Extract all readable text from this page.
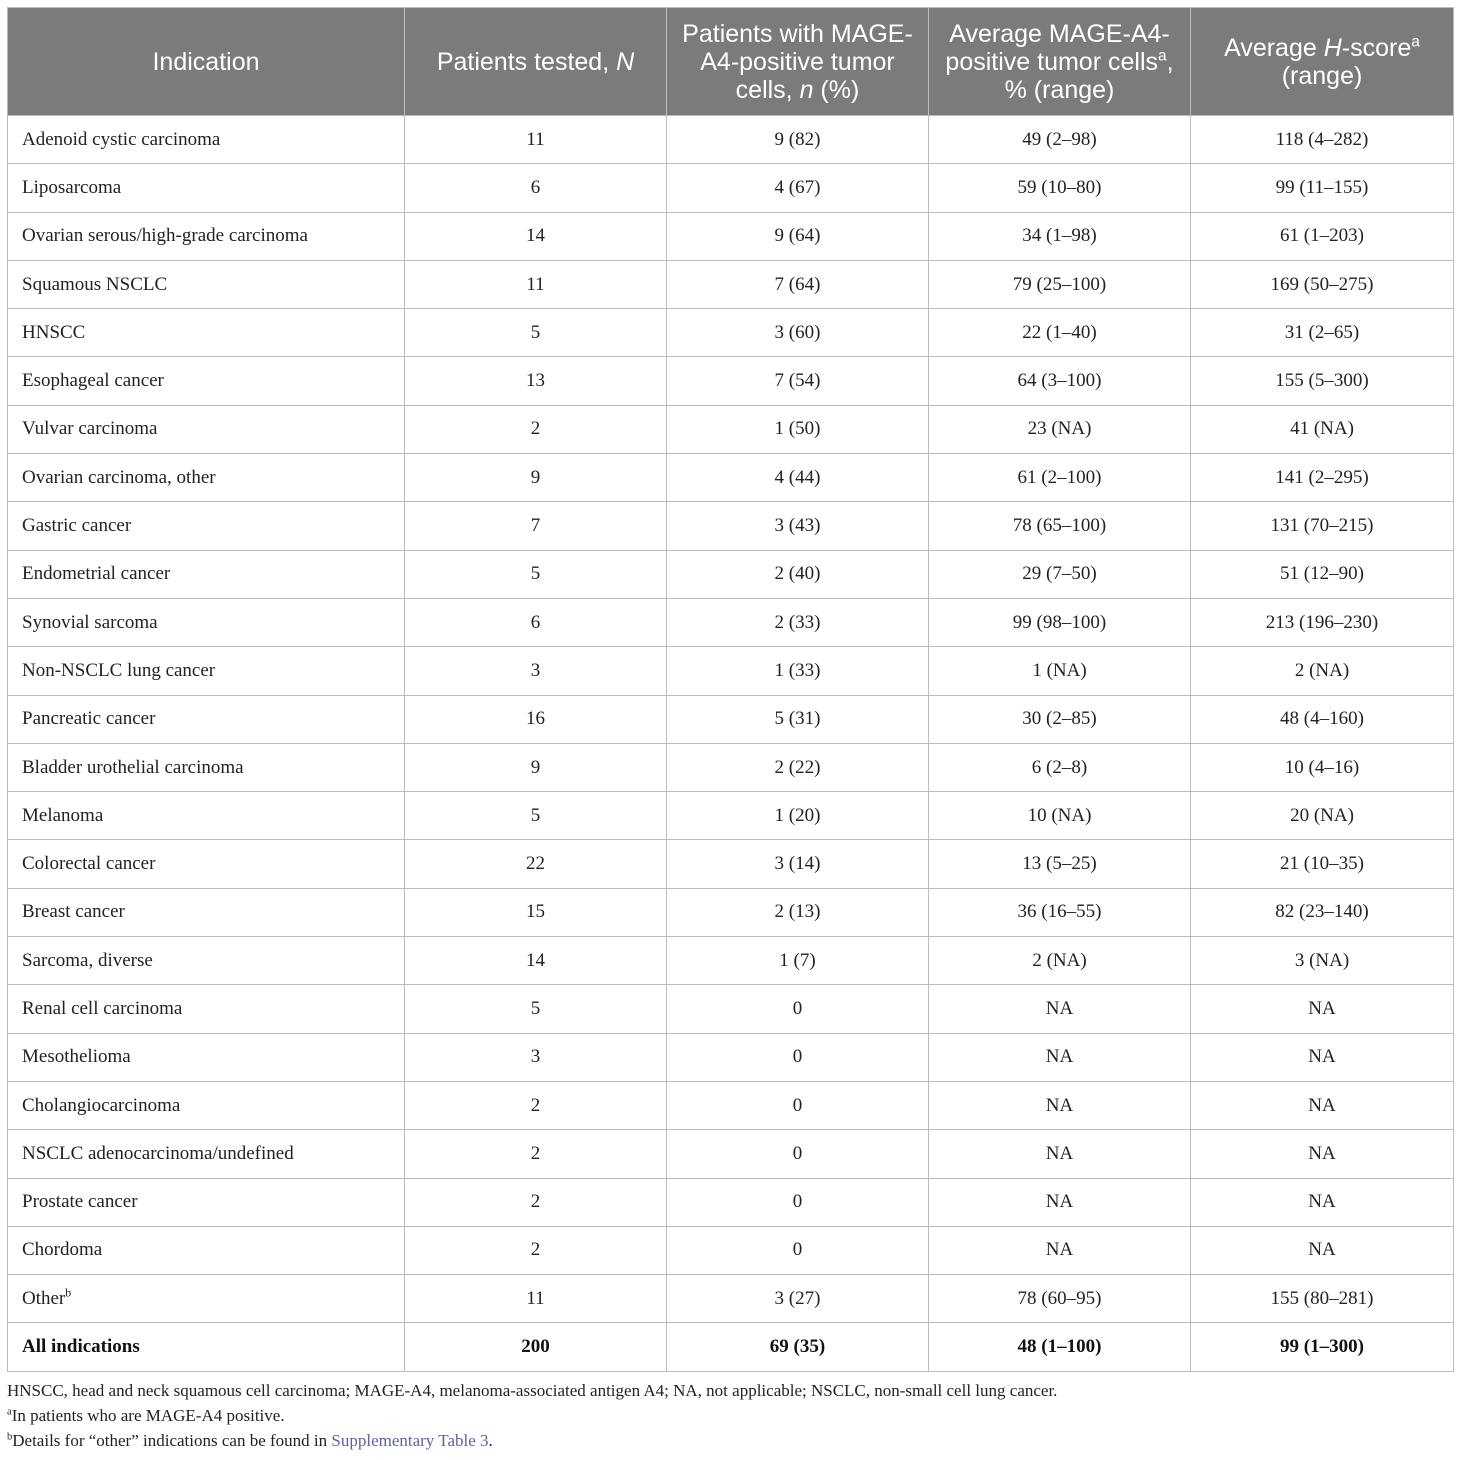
Indication	Patients tested, N	Patients with MAGE-A4-positive tumor cells, n (%)	Average MAGE-A4-positive tumor cells$^a$, % (range)	Average H-score$^a$ (range)
Adenoid cystic carcinoma	11	9 (82)	49 (2–98)	118 (4–282)
Liposarcoma	6	4 (67)	59 (10–80)	99 (11–155)
Ovarian serous/high-grade carcinoma	14	9 (64)	34 (1–98)	61 (1–203)
Squamous NSCLC	11	7 (64)	79 (25–100)	169 (50–275)
HNSCC	5	3 (60)	22 (1–40)	31 (2–65)
Esophageal cancer	13	7 (54)	64 (3–100)	155 (5–300)
Vulvar carcinoma	2	1 (50)	23 (NA)	41 (NA)
Ovarian carcinoma, other	9	4 (44)	61 (2–100)	141 (2–295)
Gastric cancer	7	3 (43)	78 (65–100)	131 (70–215)
Endometrial cancer	5	2 (40)	29 (7–50)	51 (12–90)
Synovial sarcoma	6	2 (33)	99 (98–100)	213 (196–230)
Non-NSCLC lung cancer	3	1 (33)	1 (NA)	2 (NA)
Pancreatic cancer	16	5 (31)	30 (2–85)	48 (4–160)
Bladder urothelial carcinoma	9	2 (22)	6 (2–8)	10 (4–16)
Melanoma	5	1 (20)	10 (NA)	20 (NA)
Colorectal cancer	22	3 (14)	13 (5–25)	21 (10–35)
Breast cancer	15	2 (13)	36 (16–55)	82 (23–140)
Sarcoma, diverse	14	1 (7)	2 (NA)	3 (NA)
Renal cell carcinoma	5	0	NA	NA
Mesothelioma	3	0	NA	NA
Cholangiocarcinoma	2	0	NA	NA
NSCLC adenocarcinoma/undefined	2	0	NA	NA
Prostate cancer	2	0	NA	NA
Chordoma	2	0	NA	NA
Other$^b$	11	3 (27)	78 (60–95)	155 (80–281)
All indications	200	69 (35)	48 (1–100)	99 (1–300)
HNSCC, head and neck squamous cell carcinoma; MAGE-A4, melanoma-associated antigen A4; NA, not applicable; NSCLC, non-small cell lung cancer.
$^a$In patients who are MAGE-A4 positive.
$^b$Details for “other” indications can be found in Supplementary Table 3.
